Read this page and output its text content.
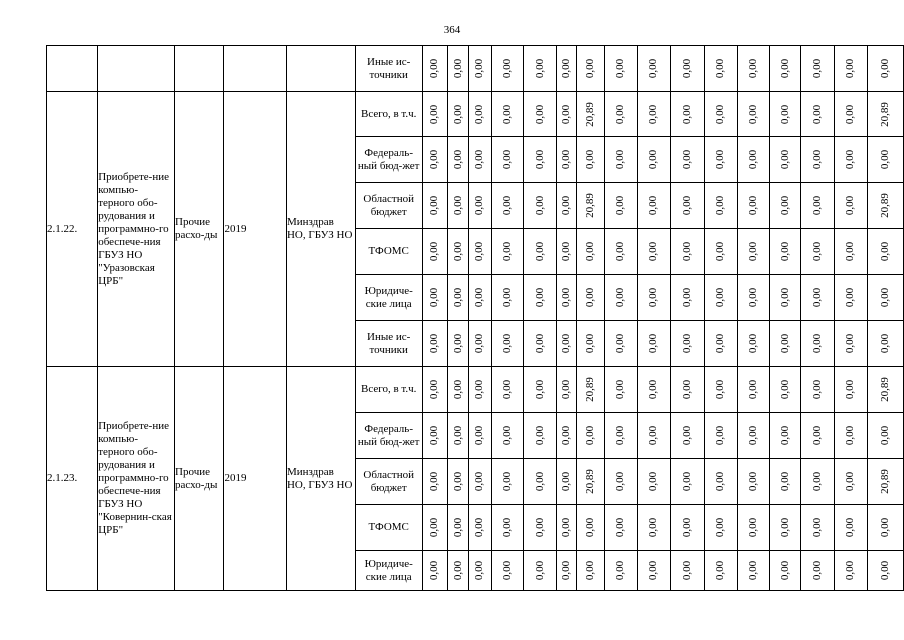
364
					Иные ис-точники	0,00	0,00	0,00	0,00	0,00	0,00	0,00	0,00	0,00	0,00	0,00	0,00	0,00	0,00	0,00	0,00
2.1.22.	Приобрете-ние компью-терного обо-рудования и программно-го обеспече-ния ГБУЗ НО "Уразовская ЦРБ"	Прочие расхо-ды	2019	Минздрав НО, ГБУЗ НО	Всего, в т.ч.	0,00	0,00	0,00	0,00	0,00	0,00	20,89	0,00	0,00	0,00	0,00	0,00	0,00	0,00	0,00	20,89
					Федераль-ный бюд-жет	0,00	0,00	0,00	0,00	0,00	0,00	0,00	0,00	0,00	0,00	0,00	0,00	0,00	0,00	0,00	0,00
					Областной бюджет	0,00	0,00	0,00	0,00	0,00	0,00	20,89	0,00	0,00	0,00	0,00	0,00	0,00	0,00	0,00	20,89
					ТФОМС	0,00	0,00	0,00	0,00	0,00	0,00	0,00	0,00	0,00	0,00	0,00	0,00	0,00	0,00	0,00	0,00
					Юридиче-ские лица	0,00	0,00	0,00	0,00	0,00	0,00	0,00	0,00	0,00	0,00	0,00	0,00	0,00	0,00	0,00	0,00
					Иные ис-точники	0,00	0,00	0,00	0,00	0,00	0,00	0,00	0,00	0,00	0,00	0,00	0,00	0,00	0,00	0,00	0,00
2.1.23.	Приобрете-ние компью-терного обо-рудования и программно-го обеспече-ния ГБУЗ НО "Ковернин-ская ЦРБ"	Прочие расхо-ды	2019	Минздрав НО, ГБУЗ НО	Всего, в т.ч.	0,00	0,00	0,00	0,00	0,00	0,00	20,89	0,00	0,00	0,00	0,00	0,00	0,00	0,00	0,00	20,89
					Федераль-ный бюд-жет	0,00	0,00	0,00	0,00	0,00	0,00	0,00	0,00	0,00	0,00	0,00	0,00	0,00	0,00	0,00	0,00
					Областной бюджет	0,00	0,00	0,00	0,00	0,00	0,00	20,89	0,00	0,00	0,00	0,00	0,00	0,00	0,00	0,00	20,89
					ТФОМС	0,00	0,00	0,00	0,00	0,00	0,00	0,00	0,00	0,00	0,00	0,00	0,00	0,00	0,00	0,00	0,00
					Юридиче-ские лица	0,00	0,00	0,00	0,00	0,00	0,00	0,00	0,00	0,00	0,00	0,00	0,00	0,00	0,00	0,00	0,00
